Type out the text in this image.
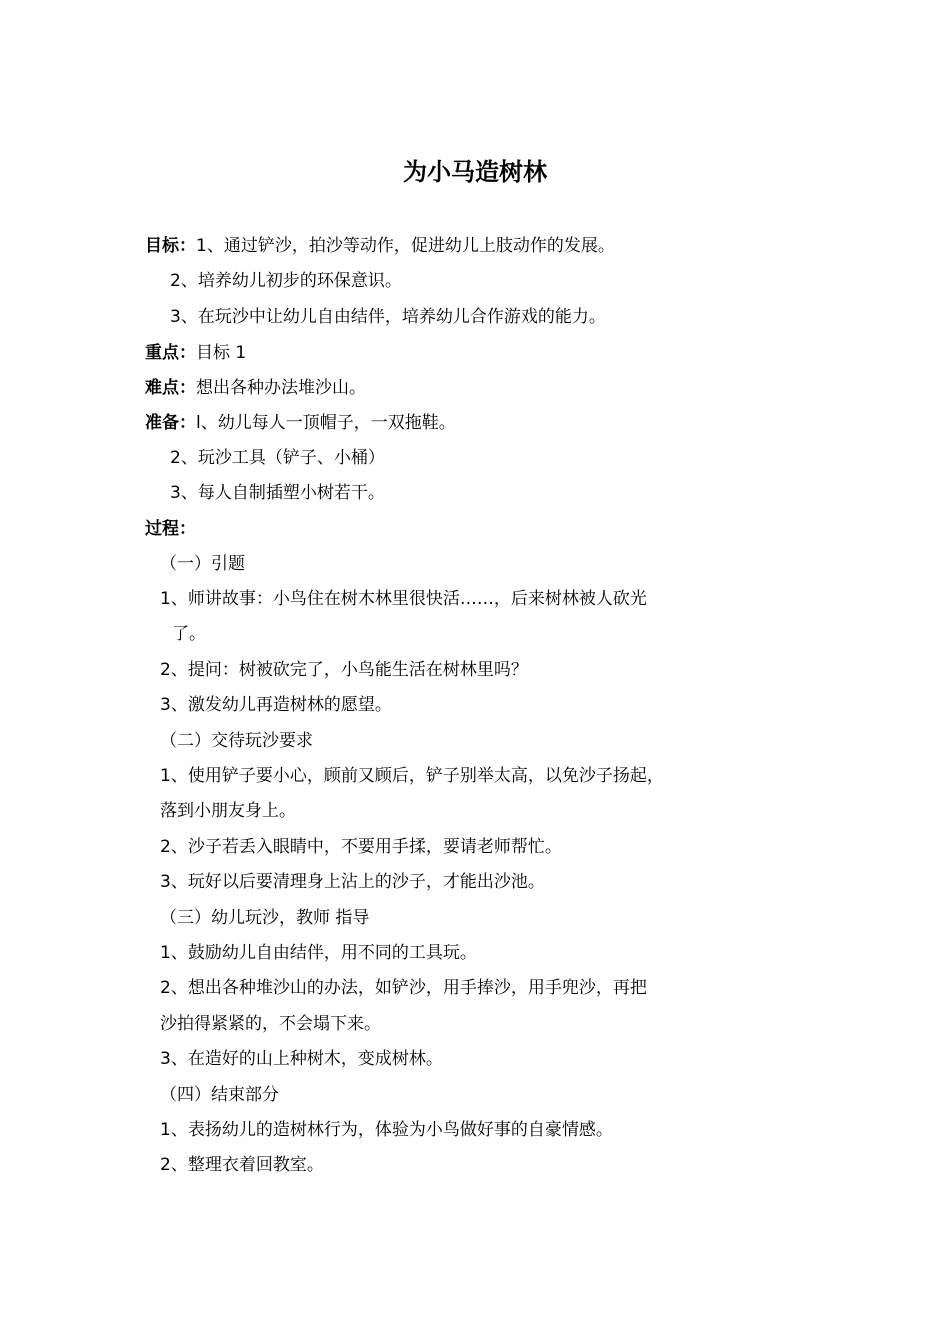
为小马造树林
目标：1、通过铲沙，拍沙等动作，促进幼儿上肢动作的发展。
2、培养幼儿初步的环保意识。
3、在玩沙中让幼儿自由结伴，培养幼儿合作游戏的能力。
重点：目标 1
难点：想出各种办法堆沙山。
准备：l、幼儿每人一顶帽子，一双拖鞋。
2、玩沙工具（铲子、小桶）
3、每人自制插塑小树若干。
过程：
（一）引题
1、师讲故事：小鸟住在树木林里很快活……，后来树林被人砍光
了。
2、提问：树被砍完了，小鸟能生活在树林里吗？
3、激发幼儿再造树林的愿望。
（二）交待玩沙要求
1、使用铲子要小心，顾前又顾后，铲子别举太高，以免沙子扬起，
落到小朋友身上。
2、沙子若丢入眼睛中，不要用手揉，要请老师帮忙。
3、玩好以后要清理身上沾上的沙子，才能出沙池。
（三）幼儿玩沙，教师 指导
1、鼓励幼儿自由结伴，用不同的工具玩。
2、想出各种堆沙山的办法，如铲沙，用手捧沙，用手兜沙，再把
沙拍得紧紧的，不会塌下来。
3、在造好的山上种树木，变成树林。
（四）结束部分
1、表扬幼儿的造树林行为，体验为小鸟做好事的自豪情感。
2、整理衣着回教室。
